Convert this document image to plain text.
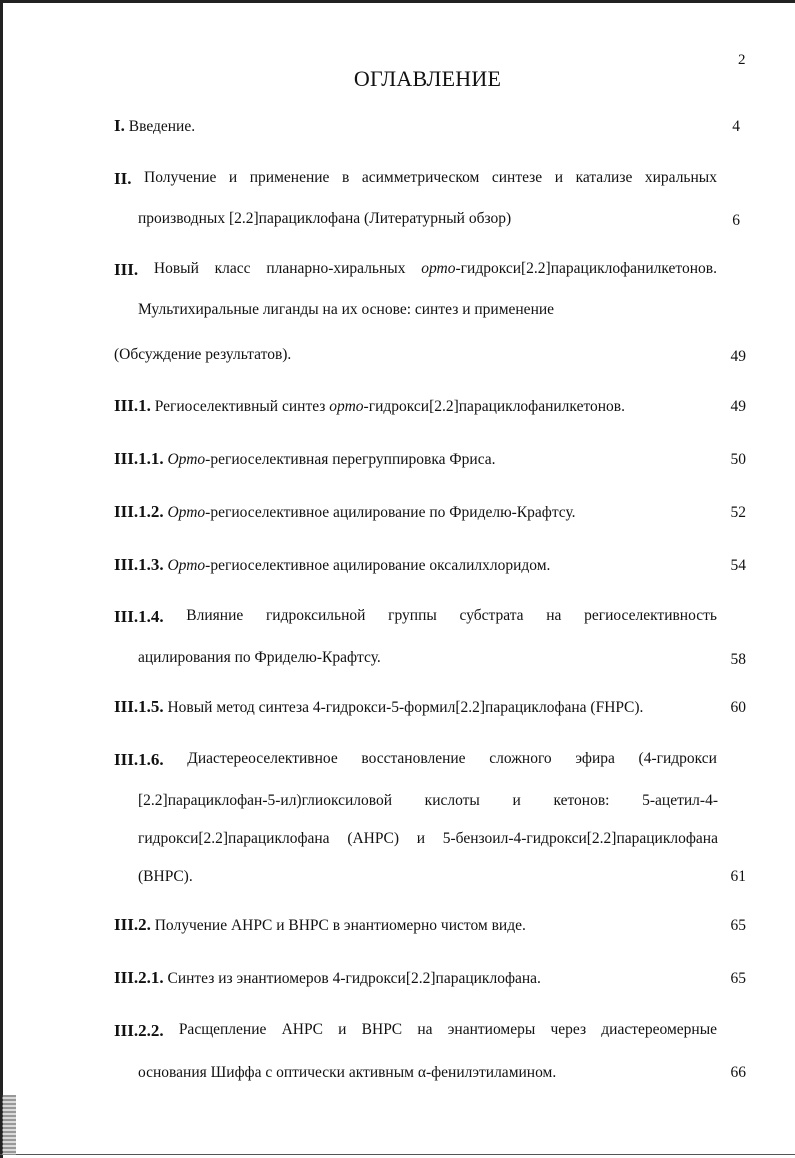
2
ОГЛАВЛЕНИЕ
I. Введение.	4
II. Получение и применение в асимметрическом синтезе и катализе хиральных
производных [2.2]парациклофана (Литературный обзор)	6
III. Новый класс планарно-хиральных орто-гидрокси[2.2]парациклофанилкетонов.
Мультихиральные лиганды на их основе: синтез и применение
(Обсуждение результатов).	49
III.1. Региоселективный синтез орто-гидрокси[2.2]парациклофанилкетонов.	49
III.1.1. Орто-региоселективная перегруппировка Фриса.	50
III.1.2. Орто-региоселективное ацилирование по Фриделю-Крафтсу.	52
III.1.3. Орто-региоселективное ацилирование оксалилхлоридом.	54
III.1.4. Влияние гидроксильной группы субстрата на региоселективность
ацилирования по Фриделю-Крафтсу.	58
III.1.5. Новый метод синтеза 4-гидрокси-5-формил[2.2]парациклофана (FHPC).	60
III.1.6. Диастереоселективное восстановление сложного эфира (4-гидрокси
[2.2]парациклофан-5-ил)глиоксиловой кислоты и кетонов: 5-ацетил-4-
гидрокси[2.2]парациклофана (AHPC) и 5-бензоил-4-гидрокси[2.2]парациклофана
(BHPC).	61
III.2. Получение AHPC и BHPC в энантиомерно чистом виде.	65
III.2.1. Синтез из энантиомеров 4-гидрокси[2.2]парациклофана.	65
III.2.2. Расщепление AHPC и BHPC на энантиомеры через диастереомерные
основания Шиффа с оптически активным α-фенилэтиламином.	66
